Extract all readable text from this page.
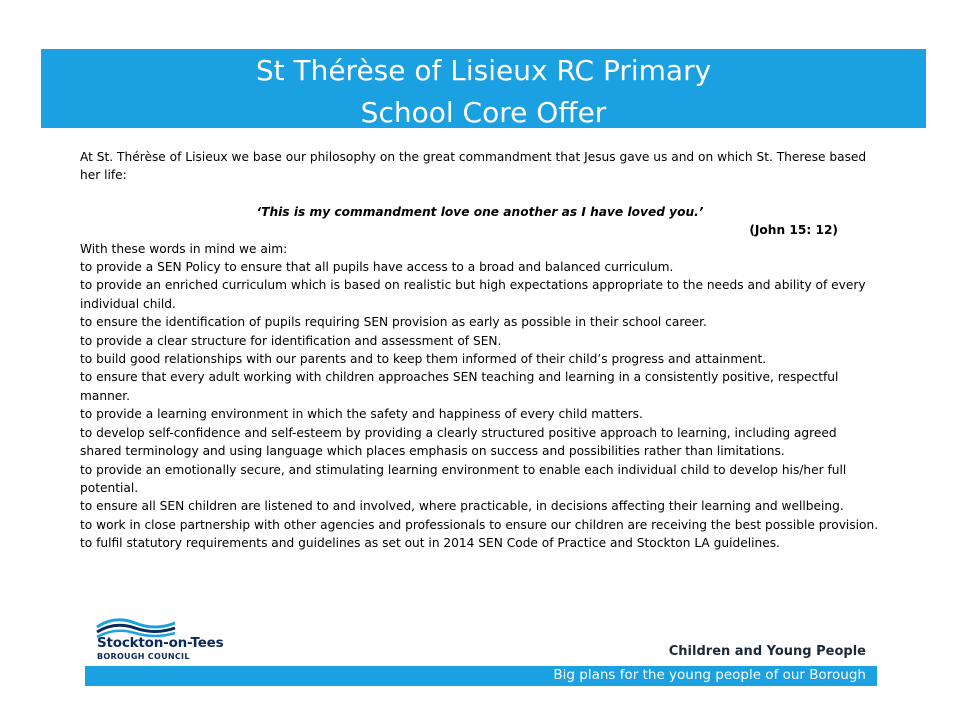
St Thérèse of Lisieux RC Primary
School Core Offer

At St. Thérèse of Lisieux we base our philosophy on the great commandment that Jesus gave us and on which St. Therese based her life:

‘This is my commandment love one another as I have loved you.’

(John 15: 12)

With these words in mind we aim:

to provide a SEN Policy to ensure that all pupils have access to a broad and balanced curriculum.

to provide an enriched curriculum which is based on realistic but high expectations appropriate to the needs and ability of every individual child.

to ensure the identification of pupils requiring SEN provision as early as possible in their school career.

to provide a clear structure for identification and assessment of SEN.

to build good relationships with our parents and to keep them informed of their child’s progress and attainment.

to ensure that every adult working with children approaches SEN teaching and learning in a consistently positive, respectful manner.

to provide a learning environment in which the safety and happiness of every child matters.

to develop self-confidence and self-esteem by providing a clearly structured positive approach to learning, including agreed shared terminology and using language which places emphasis on success and possibilities rather than limitations.

to provide an emotionally secure, and stimulating learning environment to enable each individual child to develop his/her full potential.

to ensure all SEN children are listened to and involved, where practicable, in decisions affecting their learning and wellbeing.

to work in close partnership with other agencies and professionals to ensure our children are receiving the best possible provision.

to fulfil statutory requirements and guidelines as set out in 2014 SEN Code of Practice and Stockton LA guidelines.

Stockton-on-Tees
BOROUGH COUNCIL	Children and Young People
Big plans for the young people of our Borough
